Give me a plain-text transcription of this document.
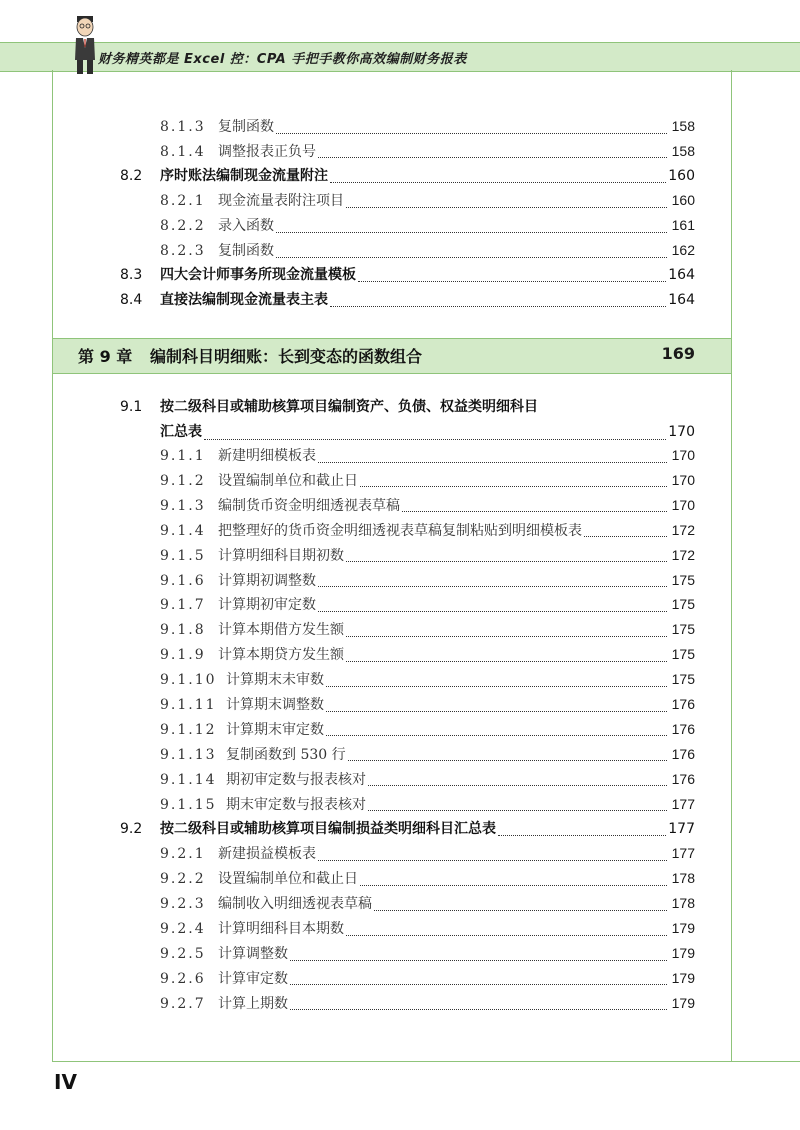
财务精英都是 Excel 控：CPA 手把手教你高效编制财务报表
8.1.3 复制函数	158
8.1.4 调整报表正负号	158
8.2	序时账法编制现金流量附注	160
8.2.1 现金流量表附注项目	160
8.2.2 录入函数	161
8.2.3 复制函数	162
8.3	四大会计师事务所现金流量模板	164
8.4	直接法编制现金流量表主表	164
第 9 章 编制科目明细账：长到变态的函数组合	169
9.1	按二级科目或辅助核算项目编制资产、负债、权益类明细科目
汇总表	170
9.1.1 新建明细模板表	170
9.1.2 设置编制单位和截止日	170
9.1.3 编制货币资金明细透视表草稿	170
9.1.4 把整理好的货币资金明细透视表草稿复制粘贴到明细模板表	172
9.1.5 计算明细科目期初数	172
9.1.6 计算期初调整数	175
9.1.7 计算期初审定数	175
9.1.8 计算本期借方发生额	175
9.1.9 计算本期贷方发生额	175
9.1.10 计算期末未审数	175
9.1.11 计算期末调整数	176
9.1.12 计算期末审定数	176
9.1.13 复制函数到 530 行	176
9.1.14 期初审定数与报表核对	176
9.1.15 期末审定数与报表核对	177
9.2	按二级科目或辅助核算项目编制损益类明细科目汇总表	177
9.2.1 新建损益模板表	177
9.2.2 设置编制单位和截止日	178
9.2.3 编制收入明细透视表草稿	178
9.2.4 计算明细科目本期数	179
9.2.5 计算调整数	179
9.2.6 计算审定数	179
9.2.7 计算上期数	179
IV
